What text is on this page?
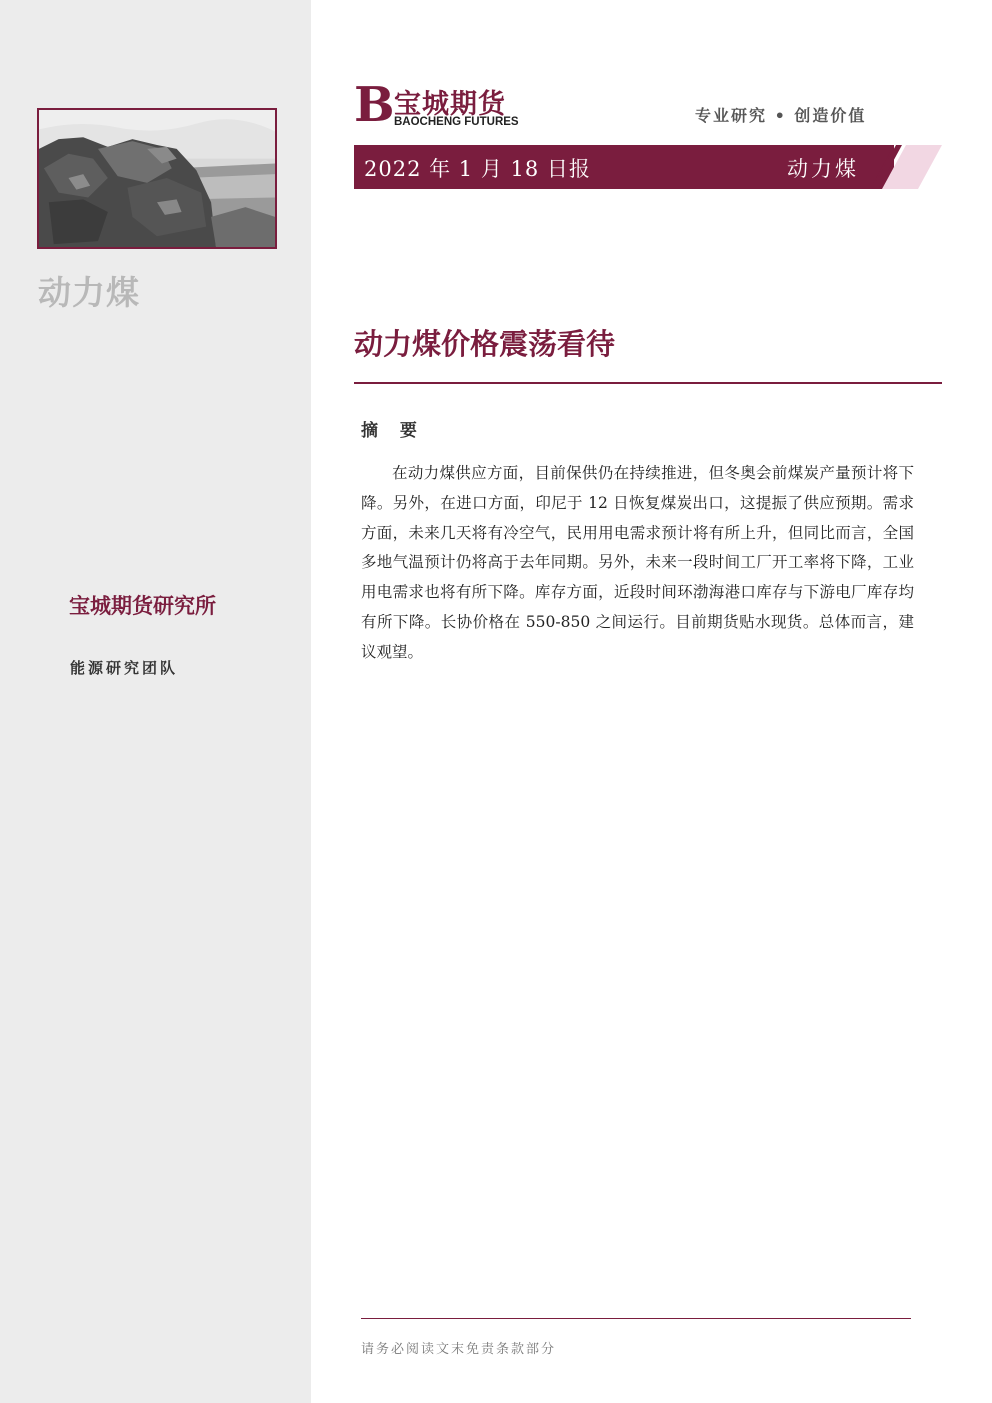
动力煤
宝城期货研究所
能源研究团队
B 宝城期货
BAOCHENG FUTURES	专业研究 • 创造价值
2022 年 1 月 18 日报	动力煤
动力煤价格震荡看待
摘 要
在动力煤供应方面，目前保供仍在持续推进，但冬奥会前煤炭产量预计将下降。另外，在进口方面，印尼于 12 日恢复煤炭出口，这提振了供应预期。需求方面，未来几天将有冷空气，民用用电需求预计将有所上升，但同比而言，全国多地气温预计仍将高于去年同期。另外，未来一段时间工厂开工率将下降，工业用电需求也将有所下降。库存方面，近段时间环渤海港口库存与下游电厂库存均有所下降。长协价格在 550-850 之间运行。目前期货贴水现货。总体而言，建议观望。
请务必阅读文末免责条款部分
